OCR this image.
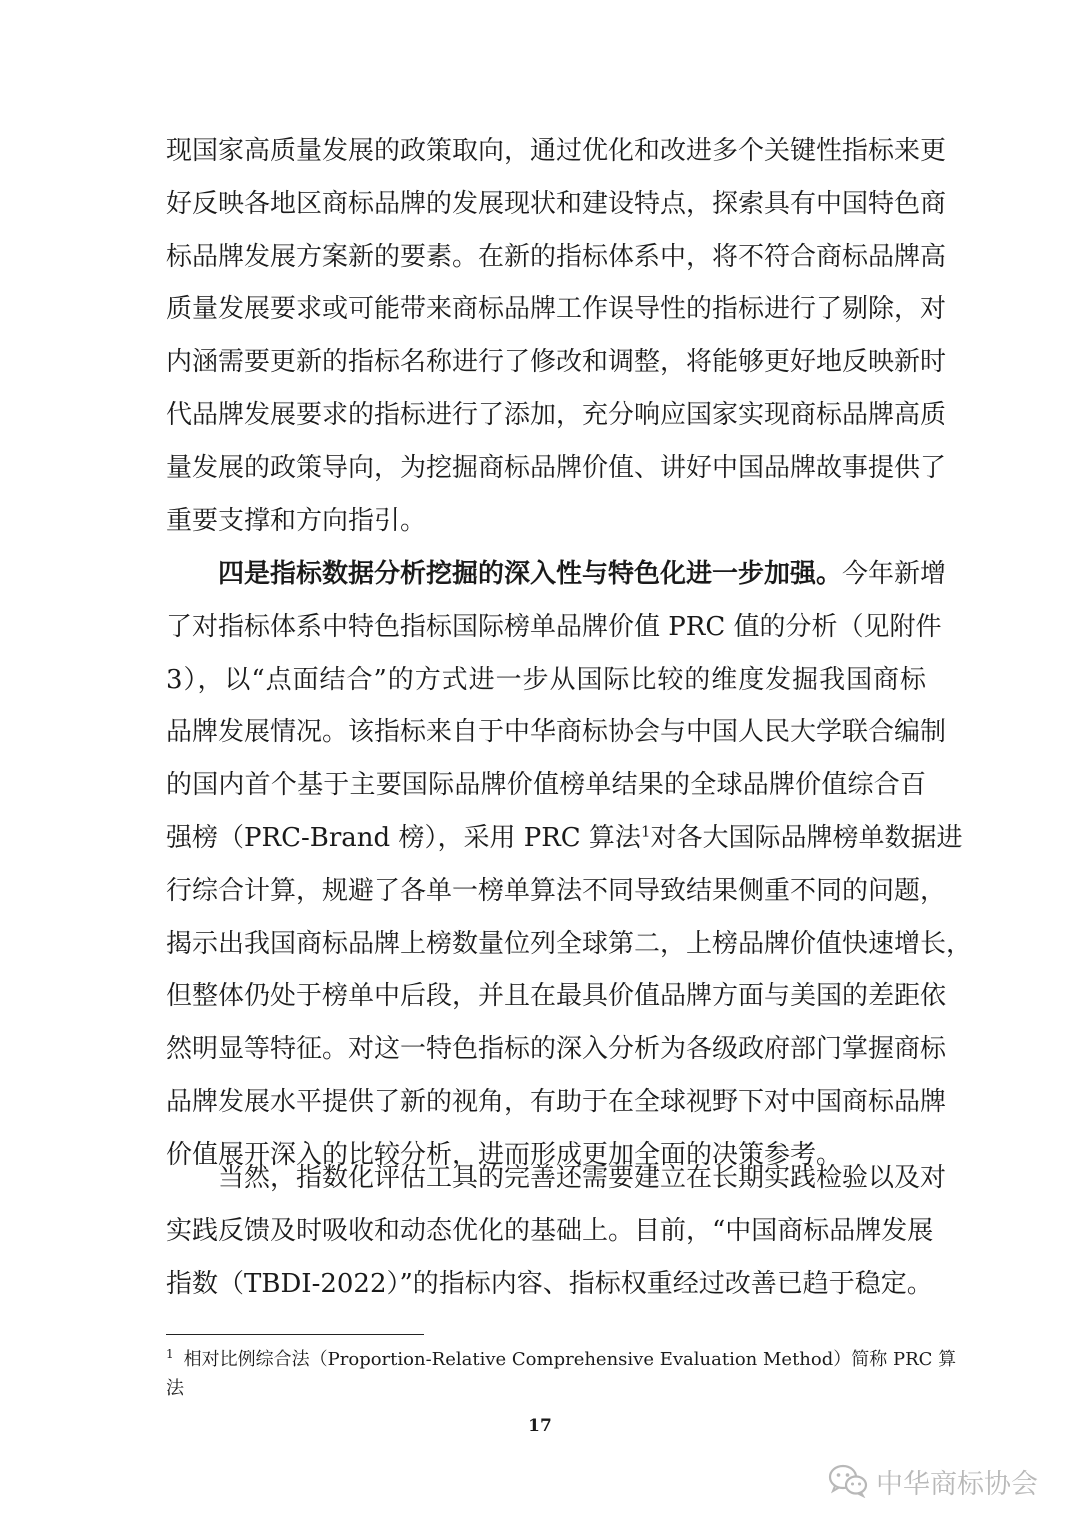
现国家高质量发展的政策取向，通过优化和改进多个关键性指标来更
好反映各地区商标品牌的发展现状和建设特点，探索具有中国特色商
标品牌发展方案新的要素。在新的指标体系中，将不符合商标品牌高
质量发展要求或可能带来商标品牌工作误导性的指标进行了剔除，对
内涵需要更新的指标名称进行了修改和调整，将能够更好地反映新时
代品牌发展要求的指标进行了添加，充分响应国家实现商标品牌高质
量发展的政策导向，为挖掘商标品牌价值、讲好中国品牌故事提供了
重要支撑和方向指引。
四是指标数据分析挖掘的深入性与特色化进一步加强。今年新增
了对指标体系中特色指标国际榜单品牌价值 PRC 值的分析（见附件
3），以“点面结合”的方式进一步从国际比较的维度发掘我国商标
品牌发展情况。该指标来自于中华商标协会与中国人民大学联合编制
的国内首个基于主要国际品牌价值榜单结果的全球品牌价值综合百
强榜（PRC-Brand 榜），采用 PRC 算法$^1$对各大国际品牌榜单数据进
行综合计算，规避了各单一榜单算法不同导致结果侧重不同的问题，
揭示出我国商标品牌上榜数量位列全球第二，上榜品牌价值快速增长，
但整体仍处于榜单中后段，并且在最具价值品牌方面与美国的差距依
然明显等特征。对这一特色指标的深入分析为各级政府部门掌握商标
品牌发展水平提供了新的视角，有助于在全球视野下对中国商标品牌
价值展开深入的比较分析，进而形成更加全面的决策参考。
当然，指数化评估工具的完善还需要建立在长期实践检验以及对
实践反馈及时吸收和动态优化的基础上。目前，“中国商标品牌发展
指数（TBDI-2022）”的指标内容、指标权重经过改善已趋于稳定。
$^1$ 相对比例综合法（Proportion-Relative Comprehensive Evaluation Method）简称 PRC 算
法
17
中华商标协会
